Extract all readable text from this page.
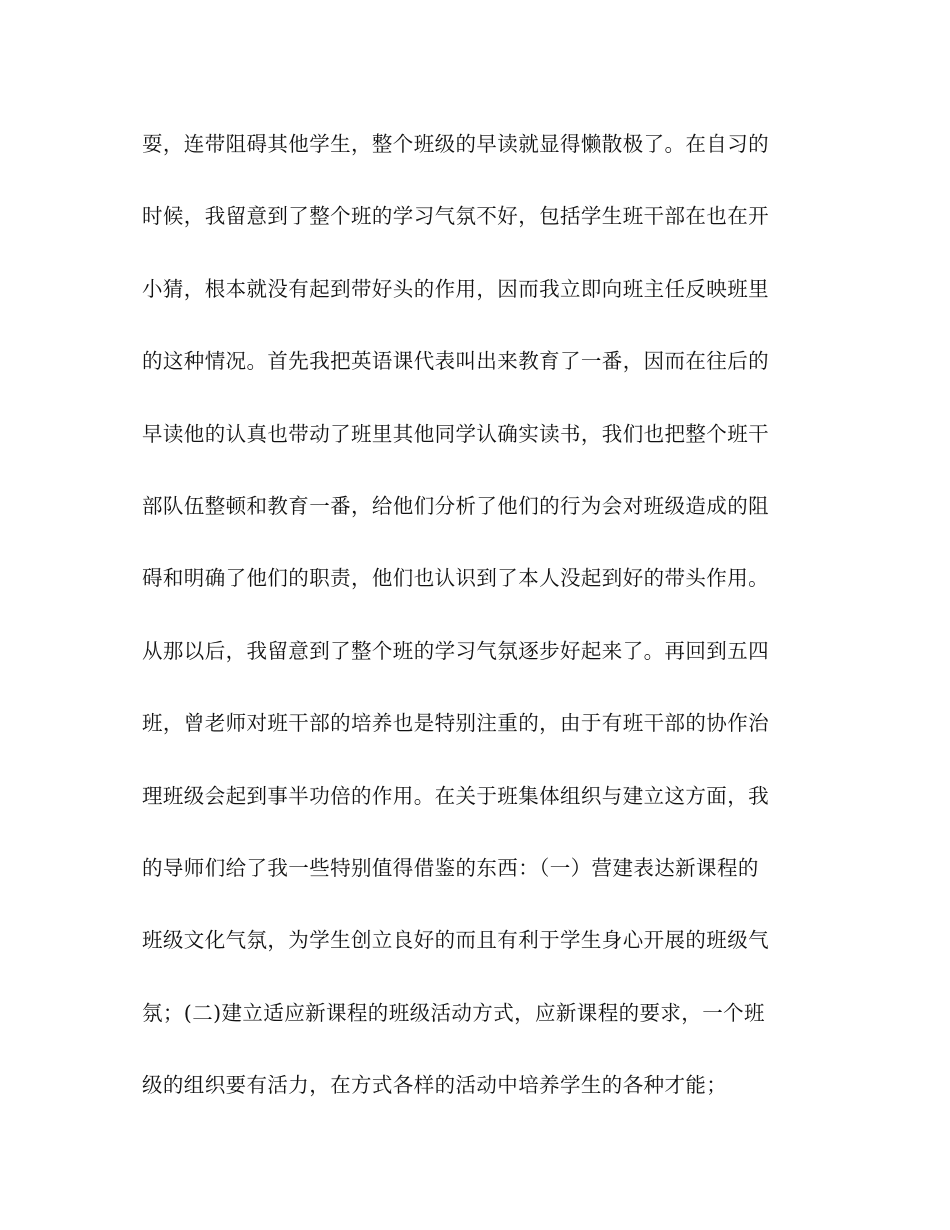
耍，连带阻碍其他学生，整个班级的早读就显得懒散极了。在自习的
时候，我留意到了整个班的学习气氛不好，包括学生班干部在也在开
小猜，根本就没有起到带好头的作用，因而我立即向班主任反映班里
的这种情况。首先我把英语课代表叫出来教育了一番，因而在往后的
早读他的认真也带动了班里其他同学认确实读书，我们也把整个班干
部队伍整顿和教育一番，给他们分析了他们的行为会对班级造成的阻
碍和明确了他们的职责，他们也认识到了本人没起到好的带头作用。
从那以后，我留意到了整个班的学习气氛逐步好起来了。再回到五四
班，曾老师对班干部的培养也是特别注重的，由于有班干部的协作治
理班级会起到事半功倍的作用。在关于班集体组织与建立这方面，我
的导师们给了我一些特别值得借鉴的东西：（一）营建表达新课程的
班级文化气氛，为学生创立良好的而且有利于学生身心开展的班级气
氛；(二)建立适应新课程的班级活动方式，应新课程的要求，一个班
级的组织要有活力，在方式各样的活动中培养学生的各种才能；
